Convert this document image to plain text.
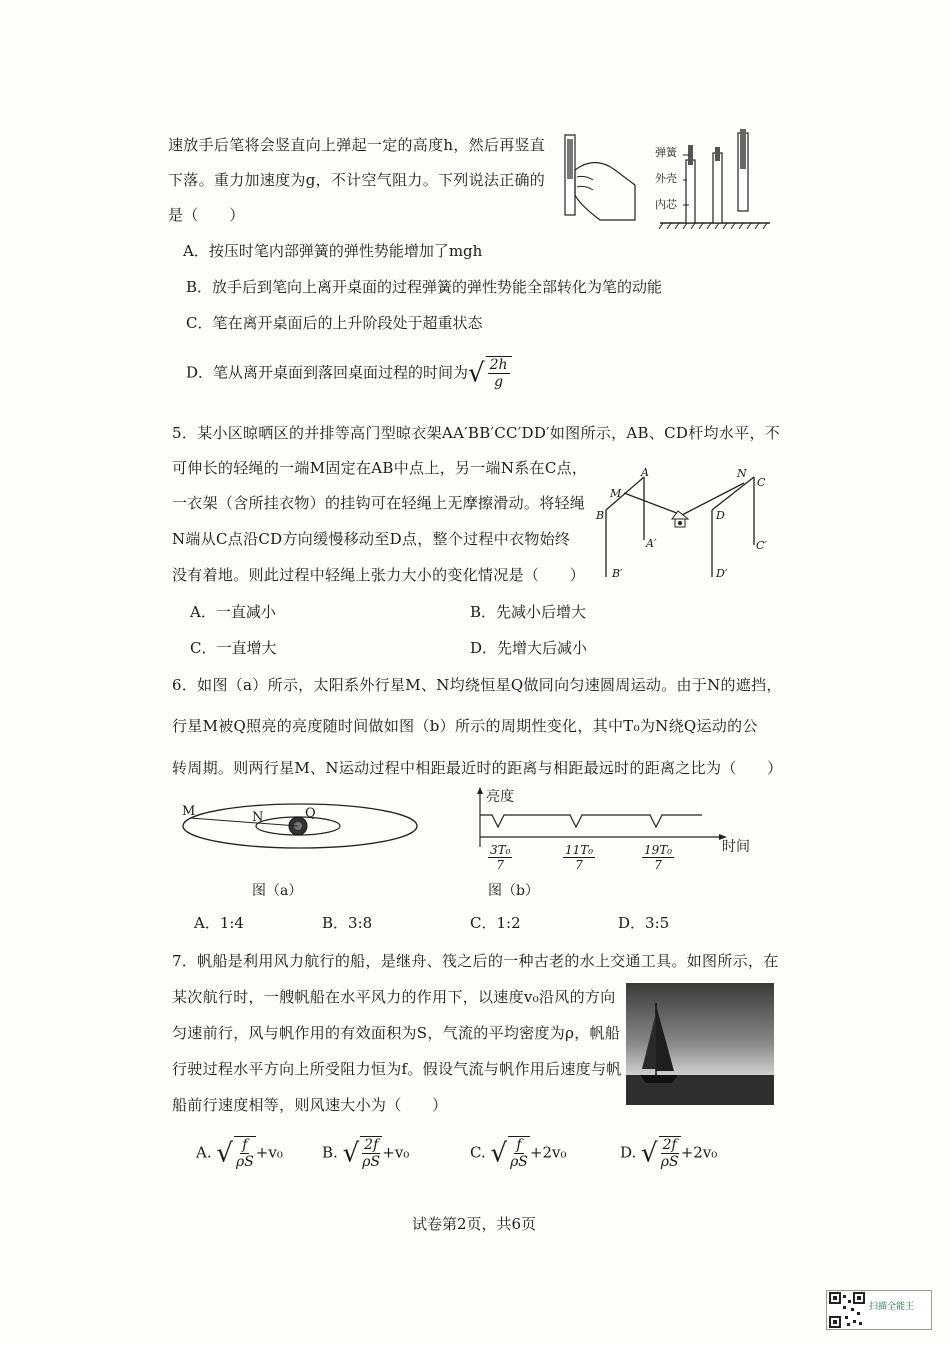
速放手后笔将会竖直向上弹起一定的高度h，然后再竖直
下落。重力加速度为g，不计空气阻力。下列说法正确的
是（　　）
弹簧
外壳
内芯
A．按压时笔内部弹簧的弹性势能增加了mgh
B．放手后到笔向上离开桌面的过程弹簧的弹性势能全部转化为笔的动能
C．笔在离开桌面后的上升阶段处于超重状态
D．笔从离开桌面到落回桌面过程的时间为√ $\frac{2h}{g}$
5．某小区晾晒区的并排等高门型晾衣架AA′BB′CC′DD′如图所示，AB、CD杆均水平，不
可伸长的轻绳的一端M固定在AB中点上，另一端N系在C点，
一衣架（含所挂衣物）的挂钩可在轻绳上无摩擦滑动。将轻绳
N端从C点沿CD方向缓慢移动至D点，整个过程中衣物始终
没有着地。则此过程中轻绳上张力大小的变化情况是（　　）
A
M
B
A′
B′
N
C
D
C′
D′
A．一直减小	B．先减小后增大
C．一直增大	D．先增大后减小
6．如图（a）所示，太阳系外行星M、N均绕恒星Q做同向匀速圆周运动。由于N的遮挡，
行星M被Q照亮的亮度随时间做如图（b）所示的周期性变化，其中T₀为N绕Q运动的公
转周期。则两行星M、N运动过程中相距最近时的距离与相距最远时的距离之比为（　　）
M	N	Q
图（a）
亮度
时间
$\frac{\text{3T₀}}{7}$	$\frac{\text{11T₀}}{7}$	$\frac{\text{19T₀}}{7}$
图（b）
A．1:4	B．3:8	C．1:2	D．3:5
7．帆船是利用风力航行的船，是继舟、筏之后的一种古老的水上交通工具。如图所示，在
某次航行时，一艘帆船在水平风力的作用下，以速度v₀沿风的方向
匀速前行，风与帆作用的有效面积为S，气流的平均密度为ρ，帆船
行驶过程水平方向上所受阻力恒为f。假设气流与帆作用后速度与帆
船前行速度相等，则风速大小为（　　）
A. √ $\frac{f}{\rho S} +v_0$	B. √ $\frac{2f}{\rho S} +v_0$	C. √ $\frac{f}{\rho S} +2v_0$	D. √ $\frac{2f}{\rho S} +2v_0$
试卷第2页，共6页
扫描全能王
